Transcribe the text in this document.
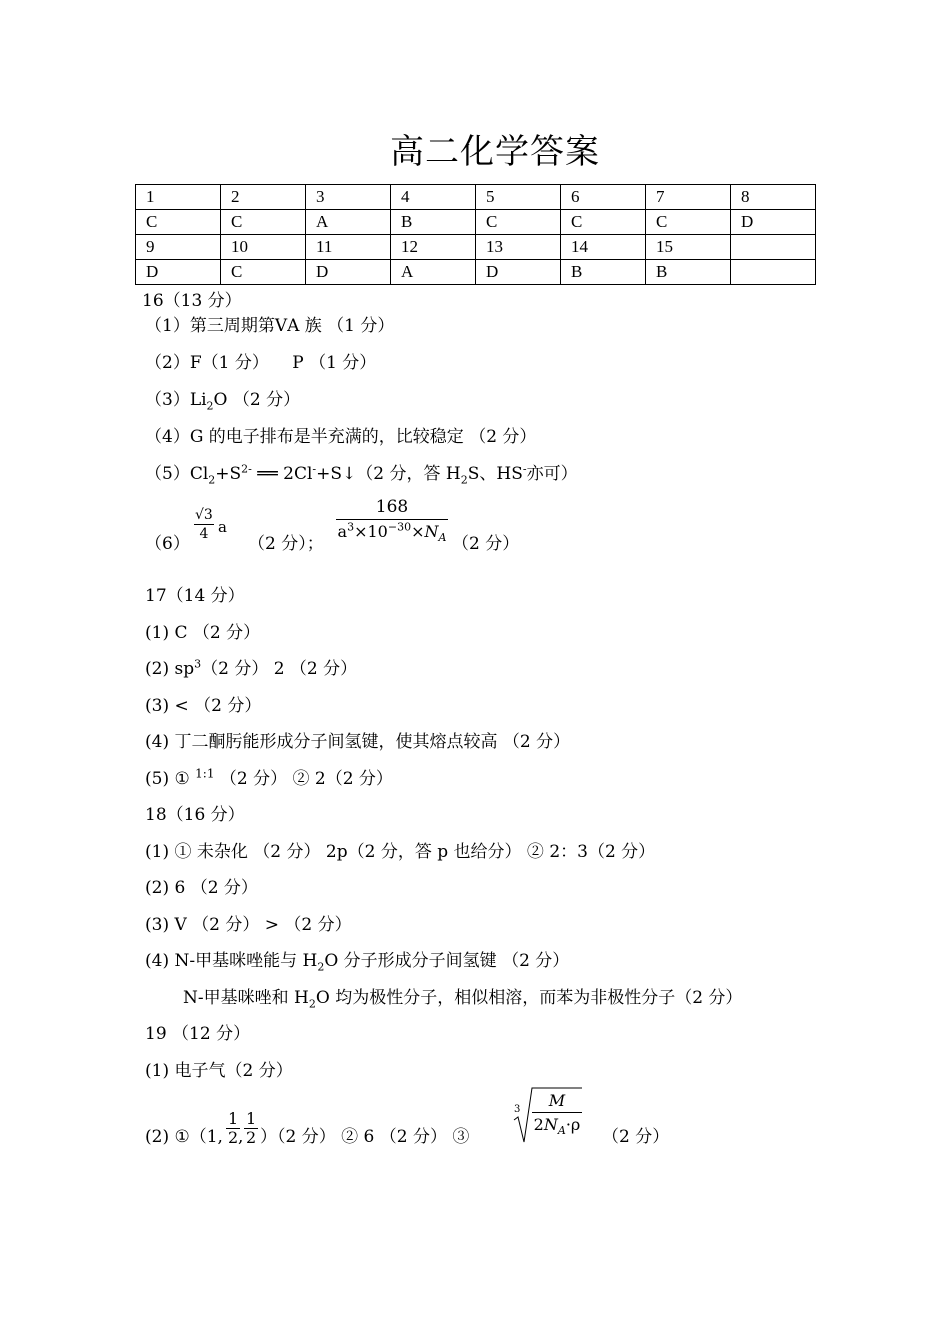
高二化学答案
1	2	3	4	5	6	7	8
C	C	A	B	C	C	C	D
9	10	11	12	13	14	15	
D	C	D	A	D	B	B	
16（13 分）
（1）第三周期第ⅤA 族 （1 分）
（2）F（1 分） P （1 分）
$(3)Li_2O$ （2 分）
（4）G 的电子排布是半充满的，比较稳定 （2 分）
$(5)Cl_2+S^{2-}$ ══ 2Cl-+S↓（2 分，答 $H_2S$、HS-亦可）
（6）
$\frac{√3}{4}$ a
（2 分）；
168
$a^3\times 10^{-30}\times N_A$ （2 分）
17（14 分）
(1) C （2 分）
(2) $sp^3(2$ 分） 2 （2 分）
(3) < （2 分）
(4) 丁二酮肟能形成分子间氢键，使其熔点较高 （2 分）
(5) ① $^{1:1}$ （2 分） ② 2（2 分）
18（16 分）
(1) ① 未杂化 （2 分） 2p（2 分，答 p 也给分） ② 2：3（2 分）
(2) 6 （2 分）
(3) V （2 分） > （2 分）
(4) N-甲基咪唑能与 $H_2O$ 分子形成分子间氢键 （2 分）
N-甲基咪唑和 $H_2O$ 均为极性分子，相似相溶，而苯为非极性分子（2 分）
19 （12 分）
(1) 电子气（2 分）
(2) ①（1, $\frac{1}{2}$
, $\frac{1}{2} )(2$ 分） ② 6 （2 分） ③
3	M
$2N_A\cdot\rho$
（2 分）
